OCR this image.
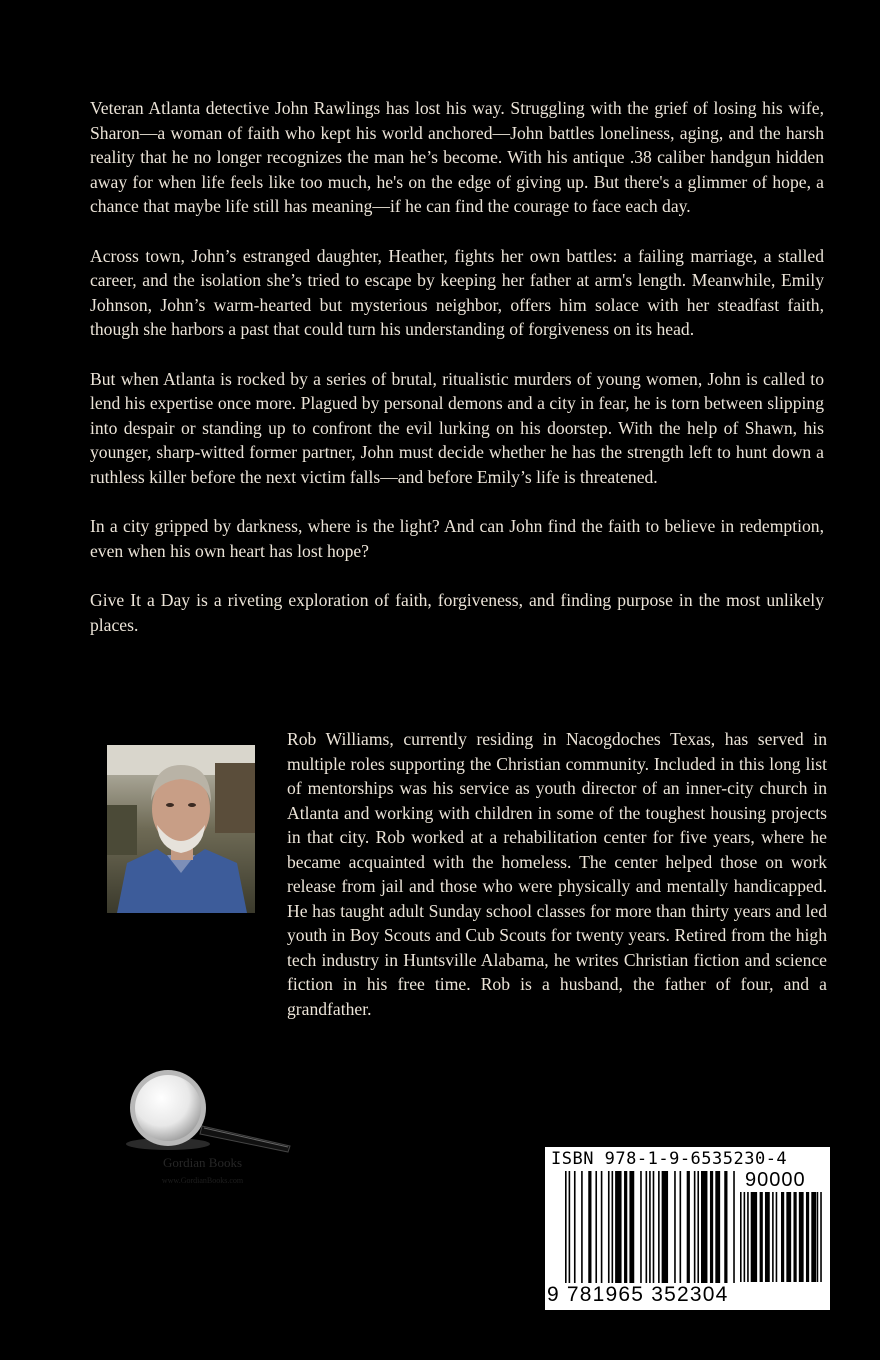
Veteran Atlanta detective John Rawlings has lost his way. Struggling with the grief of losing his wife, Sharon—a woman of faith who kept his world anchored—John battles loneliness, aging, and the harsh reality that he no longer recognizes the man he’s become. With his antique .38 caliber handgun hidden away for when life feels like too much, he's on the edge of giving up. But there's a glimmer of hope, a chance that maybe life still has meaning—if he can find the courage to face each day.

Across town, John’s estranged daughter, Heather, fights her own battles: a failing marriage, a stalled career, and the isolation she’s tried to escape by keeping her father at arm's length. Meanwhile, Emily Johnson, John’s warm-hearted but mysterious neighbor, offers him solace with her steadfast faith, though she harbors a past that could turn his understanding of forgiveness on its head.

But when Atlanta is rocked by a series of brutal, ritualistic murders of young women, John is called to lend his expertise once more. Plagued by personal demons and a city in fear, he is torn between slipping into despair or standing up to confront the evil lurking on his doorstep. With the help of Shawn, his younger, sharp-witted former partner, John must decide whether he has the strength left to hunt down a ruthless killer before the next victim falls—and before Emily’s life is threatened.

In a city gripped by darkness, where is the light? And can John find the faith to believe in redemption, even when his own heart has lost hope?

Give It a Day is a riveting exploration of faith, forgiveness, and finding purpose in the most unlikely places.

Rob Williams, currently residing in Nacogdoches Texas, has served in multiple roles supporting the Christian community. Included in this long list of mentorships was his service as youth director of an inner-city church in Atlanta and working with children in some of the toughest housing projects in that city. Rob worked at a rehabilitation center for five years, where he became acquainted with the homeless. The center helped those on work release from jail and those who were physically and mentally handicapped. He has taught adult Sunday school classes for more than thirty years and led youth in Boy Scouts and Cub Scouts for twenty years. Retired from the high tech industry in Huntsville Alabama, he writes Christian fiction and science fiction in his free time. Rob is a husband, the father of four, and a grandfather.

Gordian Books
www.GordianBooks.com
ISBN 978-1-9-6535230-4
90000
9 781965 352304
